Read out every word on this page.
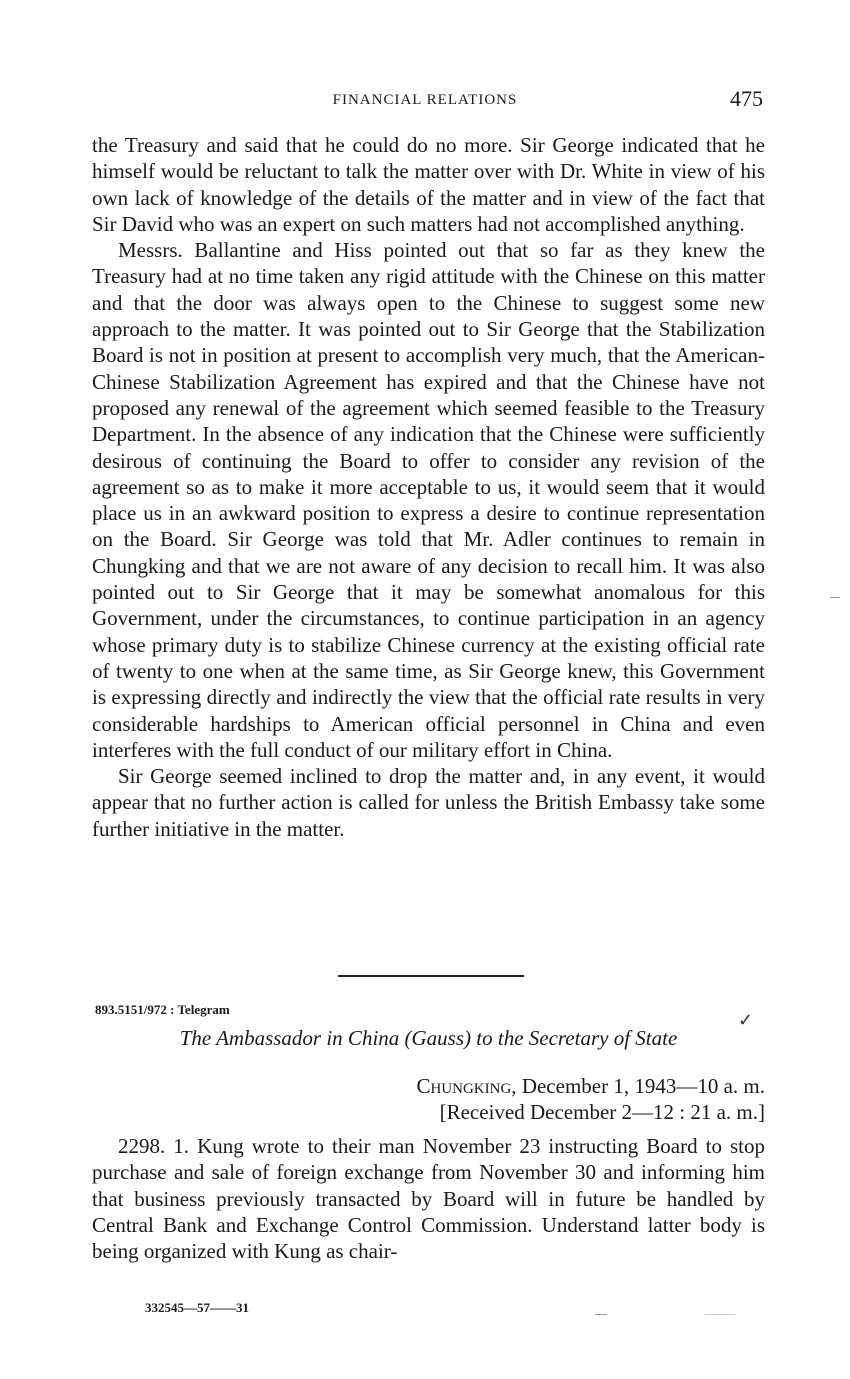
FINANCIAL RELATIONS	475

the Treasury and said that he could do no more. Sir George indicated that he himself would be reluctant to talk the matter over with Dr. White in view of his own lack of knowledge of the details of the matter and in view of the fact that Sir David who was an expert on such matters had not accomplished anything.

Messrs. Ballantine and Hiss pointed out that so far as they knew the Treasury had at no time taken any rigid attitude with the Chinese on this matter and that the door was always open to the Chinese to suggest some new approach to the matter. It was pointed out to Sir George that the Stabilization Board is not in position at present to accomplish very much, that the American-Chinese Stabilization Agreement has expired and that the Chinese have not proposed any renewal of the agreement which seemed feasible to the Treasury Department. In the absence of any indication that the Chinese were sufficiently desirous of continuing the Board to offer to consider any revision of the agreement so as to make it more acceptable to us, it would seem that it would place us in an awkward position to express a desire to continue representation on the Board. Sir George was told that Mr. Adler continues to remain in Chungking and that we are not aware of any decision to recall him. It was also pointed out to Sir George that it may be somewhat anomalous for this Government, under the circumstances, to continue participation in an agency whose primary duty is to stabilize Chinese currency at the existing official rate of twenty to one when at the same time, as Sir George knew, this Government is expressing directly and indirectly the view that the official rate results in very considerable hardships to American official personnel in China and even interferes with the full conduct of our military effort in China.

Sir George seemed inclined to drop the matter and, in any event, it would appear that no further action is called for unless the British Embassy take some further initiative in the matter.

893.5151/972 : Telegram
The Ambassador in China (Gauss) to the Secretary of State
✓
Chungking, December 1, 1943—10 a. m.
[Received December 2—12 : 21 a. m.]

2298. 1. Kung wrote to their man November 23 instructing Board to stop purchase and sale of foreign exchange from November 30 and informing him that business previously transacted by Board will in future be handled by Central Bank and Exchange Control Commission. Understand latter body is being organized with Kung as chair-

332545—57——31
